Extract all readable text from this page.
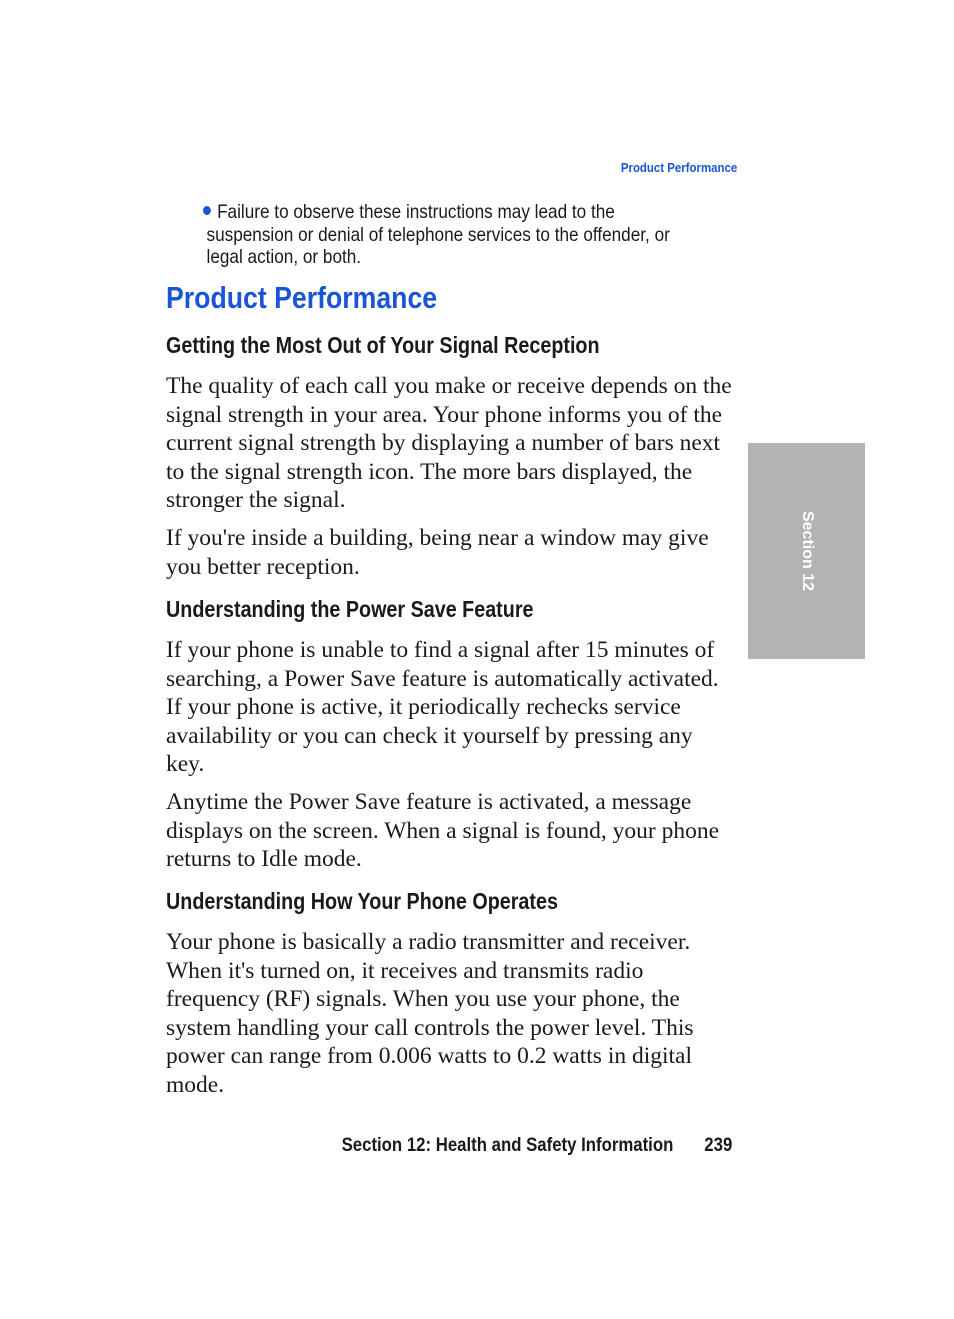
Product Performance
Failure to observe these instructions may lead to the
suspension or denial of telephone services to the offender, or
legal action, or both.
Product Performance
Getting the Most Out of Your Signal Reception

The quality of each call you make or receive depends on the signal strength in your area. Your phone informs you of the current signal strength by displaying a number of bars next to the signal strength icon. The more bars displayed, the stronger the signal.

If you're inside a building, being near a window may give you better reception.

Understanding the Power Save Feature

If your phone is unable to find a signal after 15 minutes of searching, a Power Save feature is automatically activated. If your phone is active, it periodically rechecks service availability or you can check it yourself by pressing any key.

Anytime the Power Save feature is activated, a message displays on the screen. When a signal is found, your phone returns to Idle mode.

Understanding How Your Phone Operates

Your phone is basically a radio transmitter and receiver. When it's turned on, it receives and transmits radio frequency (RF) signals. When you use your phone, the system handling your call controls the power level. This power can range from 0.006 watts to 0.2 watts in digital mode.

Section 12
Section 12: Health and Safety Information 239
